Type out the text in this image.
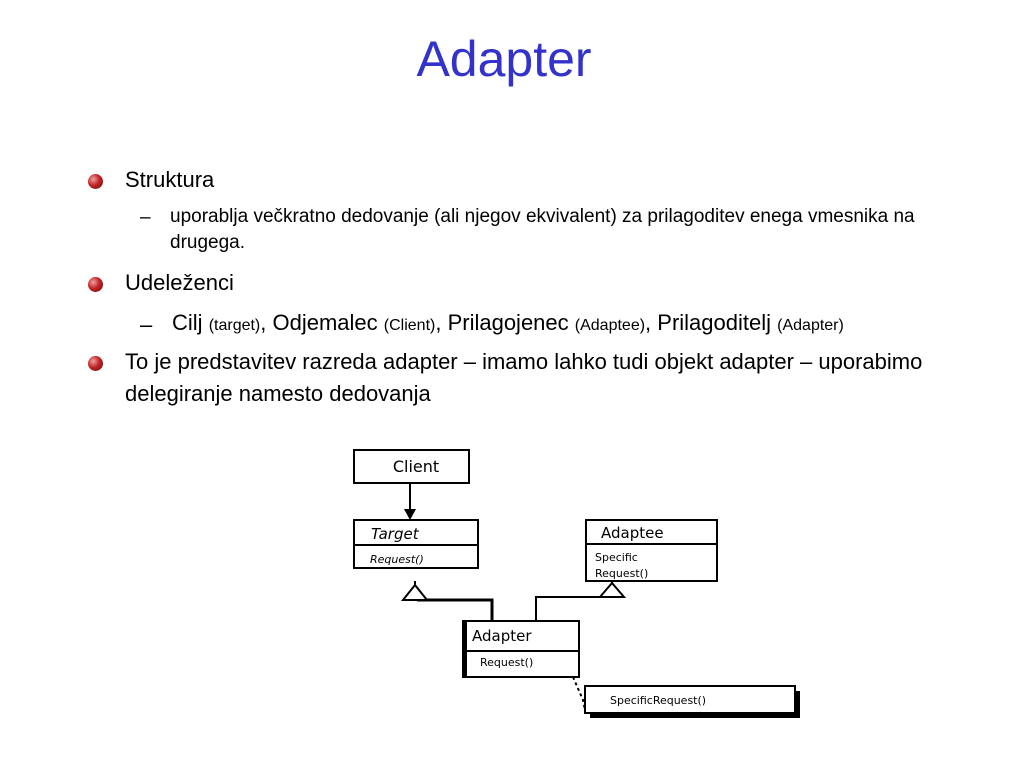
Adapter
Struktura
– uporablja večkratno dedovanje (ali njegov ekvivalent) za prilagoditev enega vmesnika na drugega.
Udeleženci
– Cilj (target), Odjemalec (Client), Prilagojenec (Adaptee), Prilagoditelj (Adapter)
To je predstavitev razreda adapter – imamo lahko tudi objekt adapter – uporabimo delegiranje namesto dedovanja
Client
Target
Request()
Adaptee
Specific
Request()
Adapter
Request()
SpecificRequest()
